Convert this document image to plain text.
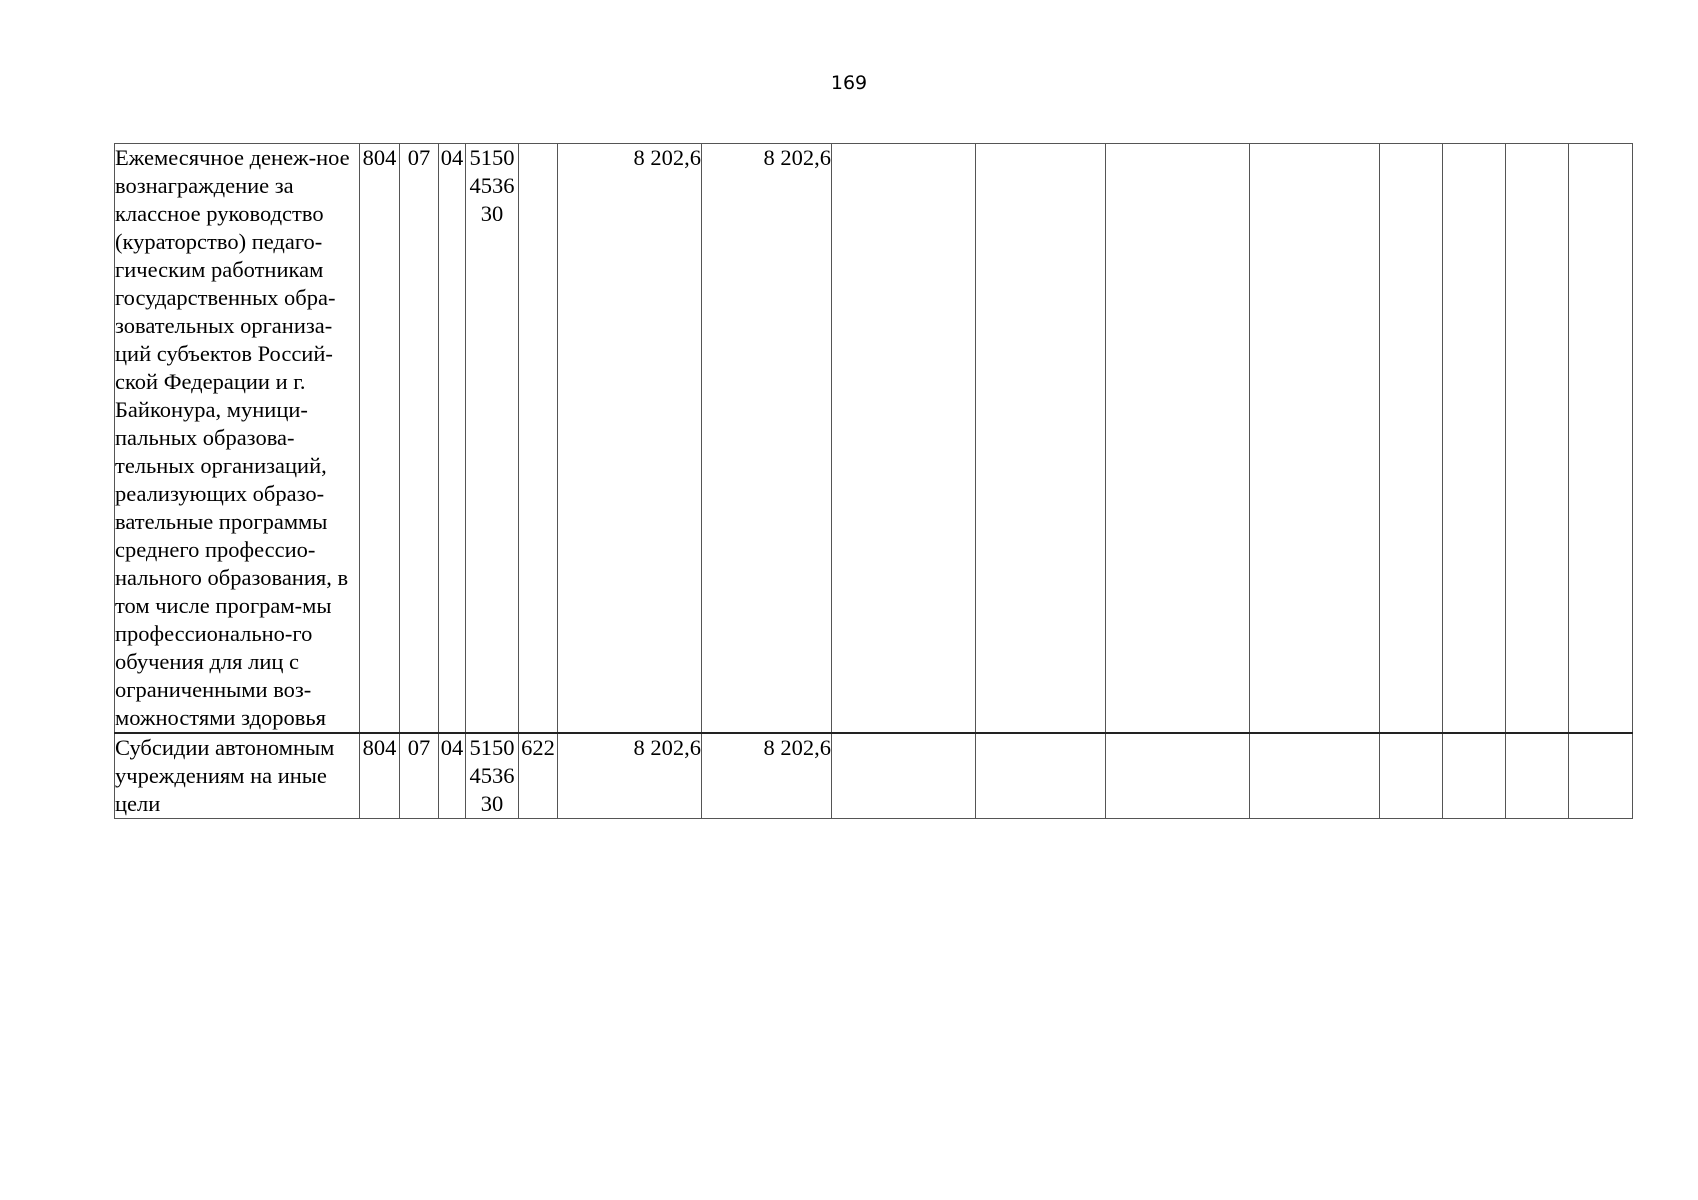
169
Ежемесячное денеж-ное вознаграждение за классное руководство (кураторство) педаго-гическим работникам государственных обра-зовательных организа-ций субъектов Россий-ской Федерации и г. Байконура, муници-пальных образова-тельных организаций, реализующих образо-вательные программы среднего профессио-нального образования, в том числе програм-мы профессионально-го обучения для лиц с ограниченными воз-можностями здоровья	804	07	04	51504536 30		8 202,6	8 202,6								
Субсидии автономным учреждениям на иные цели	804	07	04	51504536 30	622	8 202,6	8 202,6								
